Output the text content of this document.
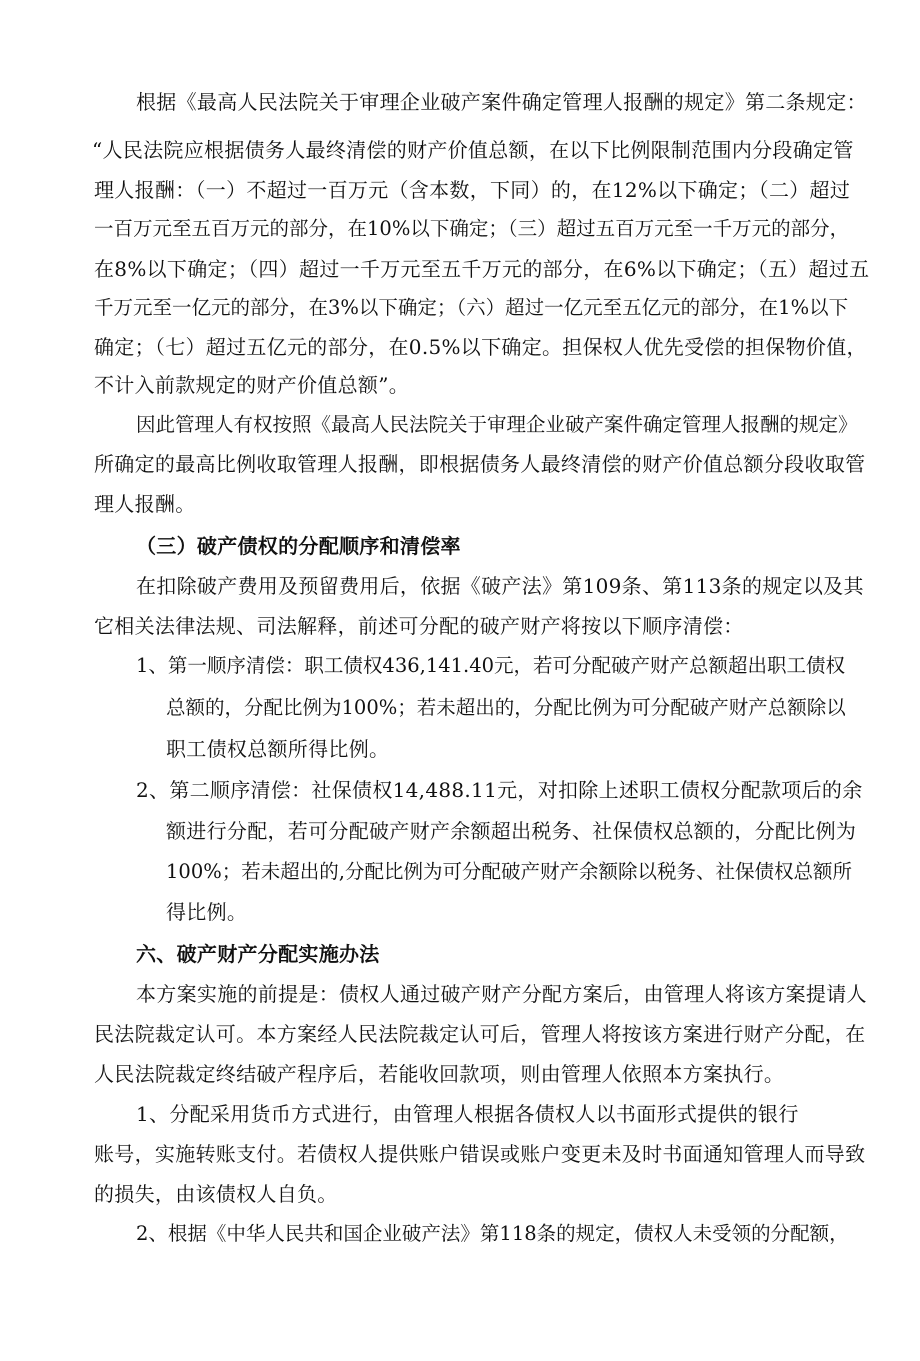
根据《最高人民法院关于审理企业破产案件确定管理人报酬的规定》第二条规定：
“人民法院应根据债务人最终清偿的财产价值总额，在以下比例限制范围内分段确定管
理人报酬：（一）不超过一百万元（含本数，下同）的，在12%以下确定；（二）超过
一百万元至五百万元的部分，在10%以下确定；（三）超过五百万元至一千万元的部分，
在8%以下确定；（四）超过一千万元至五千万元的部分，在6%以下确定；（五）超过五
千万元至一亿元的部分，在3%以下确定；（六）超过一亿元至五亿元的部分，在1%以下
确定；（七）超过五亿元的部分，在0.5%以下确定。担保权人优先受偿的担保物价值，
不计入前款规定的财产价值总额”。
因此管理人有权按照《最高人民法院关于审理企业破产案件确定管理人报酬的规定》
所确定的最高比例收取管理人报酬，即根据债务人最终清偿的财产价值总额分段收取管
理人报酬。
（三）破产债权的分配顺序和清偿率
在扣除破产费用及预留费用后，依据《破产法》第109条、第113条的规定以及其
它相关法律法规、司法解释，前述可分配的破产财产将按以下顺序清偿：
1、第一顺序清偿：职工债权436,141.40元，若可分配破产财产总额超出职工债权
总额的，分配比例为100%；若未超出的，分配比例为可分配破产财产总额除以
职工债权总额所得比例。
2、第二顺序清偿：社保债权14,488.11元，对扣除上述职工债权分配款项后的余
额进行分配，若可分配破产财产余额超出税务、社保债权总额的，分配比例为
100%；若未超出的,分配比例为可分配破产财产余额除以税务、社保债权总额所
得比例。
六、破产财产分配实施办法
本方案实施的前提是：债权人通过破产财产分配方案后，由管理人将该方案提请人
民法院裁定认可。本方案经人民法院裁定认可后，管理人将按该方案进行财产分配，在
人民法院裁定终结破产程序后，若能收回款项，则由管理人依照本方案执行。
1、分配采用货币方式进行，由管理人根据各债权人以书面形式提供的银行
账号，实施转账支付。若债权人提供账户错误或账户变更未及时书面通知管理人而导致
的损失，由该债权人自负。
2、根据《中华人民共和国企业破产法》第118条的规定，债权人未受领的分配额，
